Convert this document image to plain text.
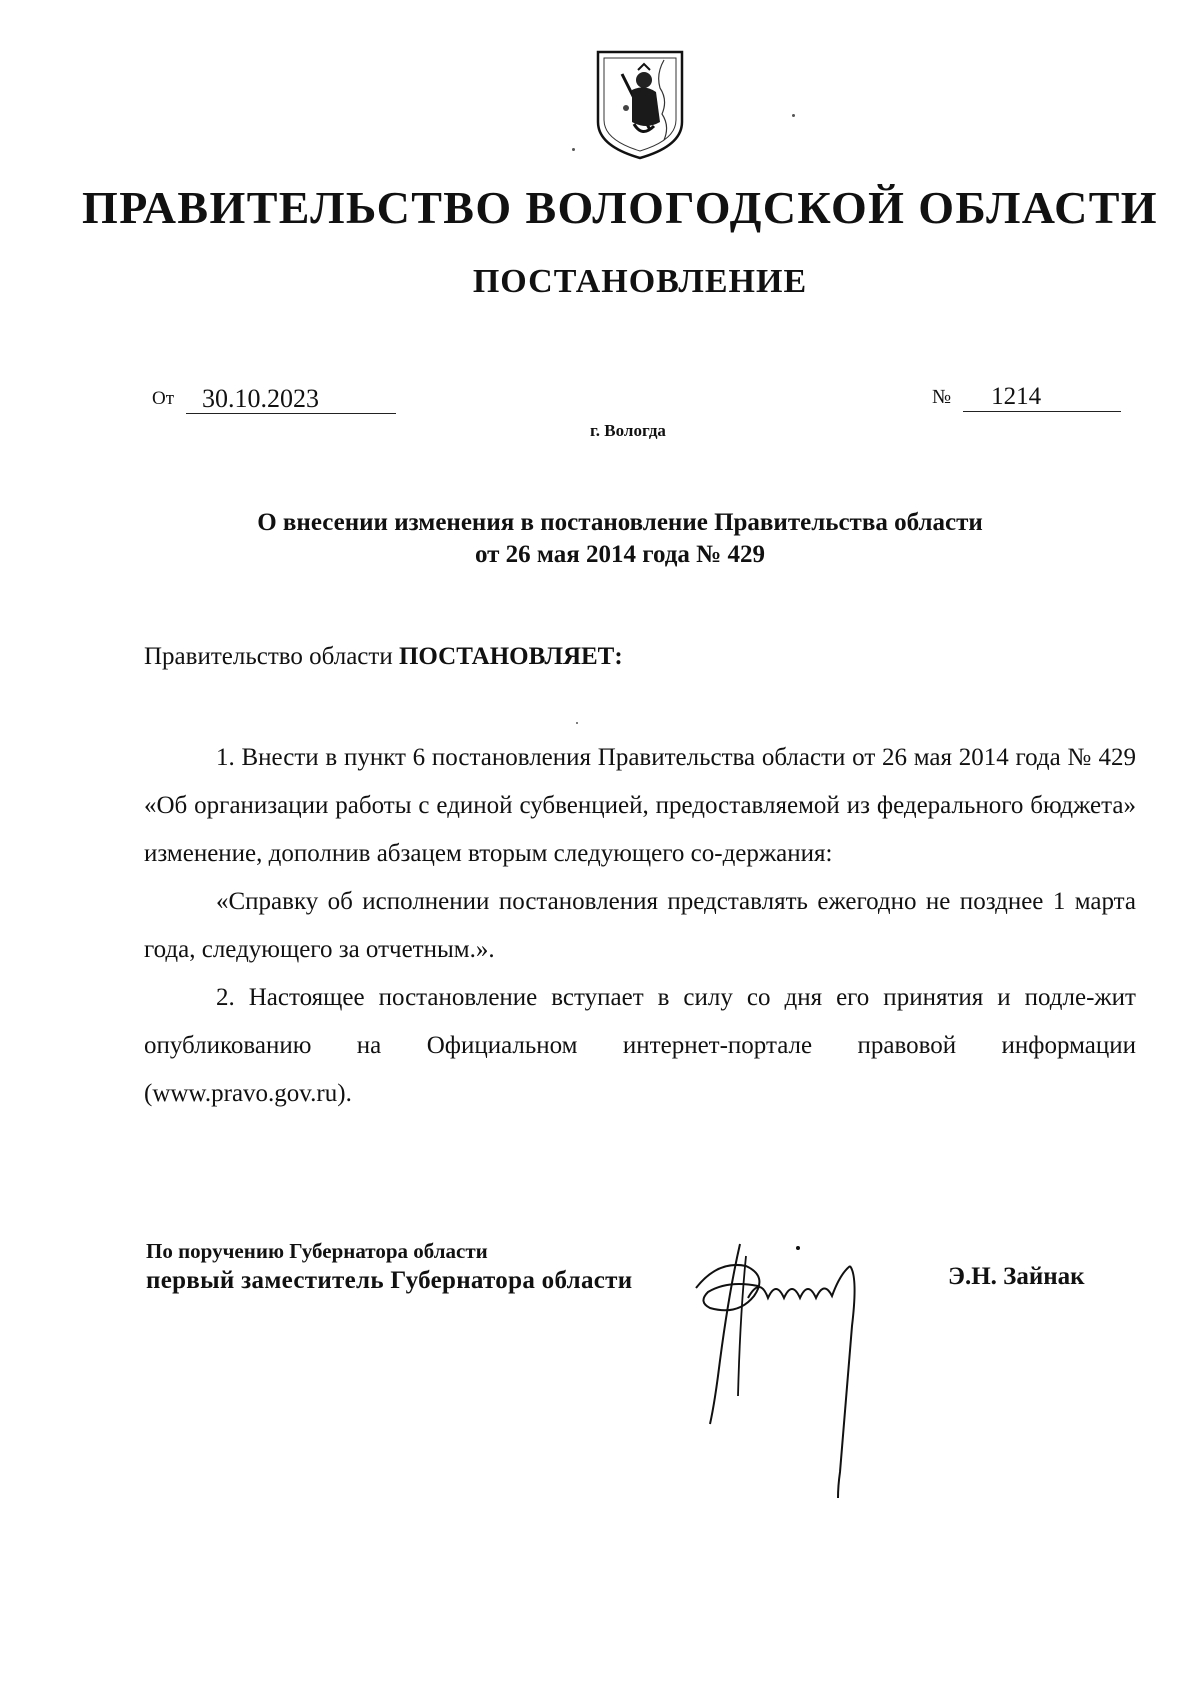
ПРАВИТЕЛЬСТВО ВОЛОГОДСКОЙ ОБЛАСТИ
ПОСТАНОВЛЕНИЕ
От	30.10.2023	№	1214
г. Вологда
О внесении изменения в постановление Правительства области
от 26 мая 2014 года № 429
Правительство области ПОСТАНОВЛЯЕТ:

1. Внести в пункт 6 постановления Правительства области от 26 мая 2014 года № 429 «Об организации работы с единой субвенцией, предоставляемой из федерального бюджета» изменение, дополнив абзацем вторым следующего со-держания:

«Справку об исполнении постановления представлять ежегодно не позднее 1 марта года, следующего за отчетным.».

2. Настоящее постановление вступает в силу со дня его принятия и подле-жит опубликованию на Официальном интернет-портале правовой информации (www.pravo.gov.ru).

По поручению Губернатора области
первый заместитель Губернатора области	Э.Н. Зайнак
